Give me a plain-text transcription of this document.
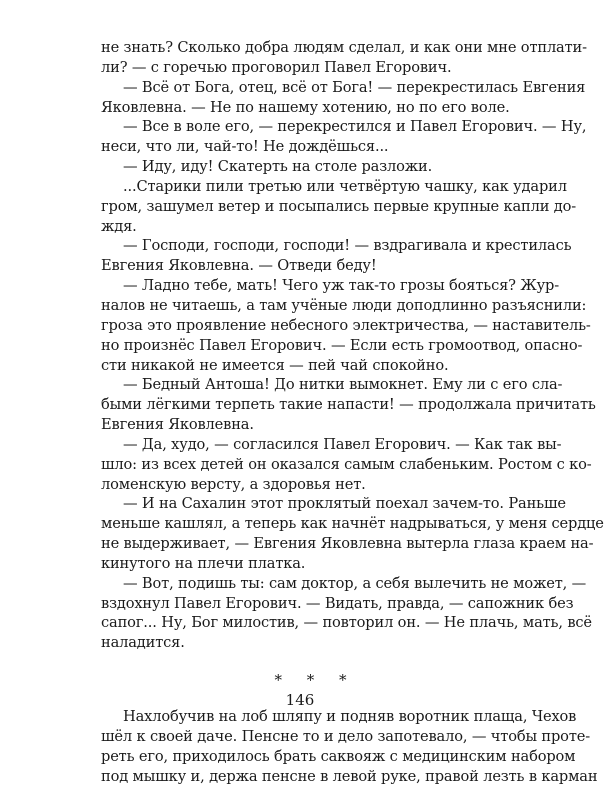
не знать? Сколько добра людям сделал, и как они мне отплати-
ли? — с горечью проговорил Павел Егорович.
— Всё от Бога, отец, всё от Бога! — перекрестилась Евгения
Яковлевна. — Не по нашему хотению, но по его воле.
— Все в воле его, — перекрестился и Павел Егорович. — Ну,
неси, что ли, чай-то! Не дождёшься...
— Иду, иду! Скатерть на столе разложи.
...Старики пили третью или четвёртую чашку, как ударил
гром, зашумел ветер и посыпались первые крупные капли до-
ждя.
— Господи, господи, господи! — вздрагивала и крестилась
Евгения Яковлевна. — Отведи беду!
— Ладно тебе, мать! Чего уж так-то грозы бояться? Жур-
налов не читаешь, а там учёные люди доподлинно разъяснили:
гроза это проявление небесного электричества, — наставитель-
но произнёс Павел Егорович. — Если есть громоотвод, опасно-
сти никакой не имеется — пей чай спокойно.
— Бедный Антоша! До нитки вымокнет. Ему ли с его сла-
быми лёгкими терпеть такие напасти! — продолжала причитать
Евгения Яковлевна.
— Да, худо, — согласился Павел Егорович. — Как так вы-
шло: из всех детей он оказался самым слабеньким. Ростом с ко-
ломенскую версту, а здоровья нет.
— И на Сахалин этот проклятый поехал зачем-то. Раньше
меньше кашлял, а теперь как начнёт надрываться, у меня сердце
не выдерживает, — Евгения Яковлевна вытерла глаза краем на-
кинутого на плечи платка.
— Вот, подишь ты: сам доктор, а себя вылечить не может, —
вздохнул Павел Егорович. — Видать, правда, — сапожник без
сапог... Ну, Бог милостив, — повторил он. — Не плачь, мать, всё
наладится.
* * *
Нахлобучив на лоб шляпу и подняв воротник плаща, Чехов
шёл к своей даче. Пенсне то и дело запотевало, — чтобы проте-
реть его, приходилось брать саквояж с медицинским набором
под мышку и, держа пенсне в левой руке, правой лезть в карман
146
